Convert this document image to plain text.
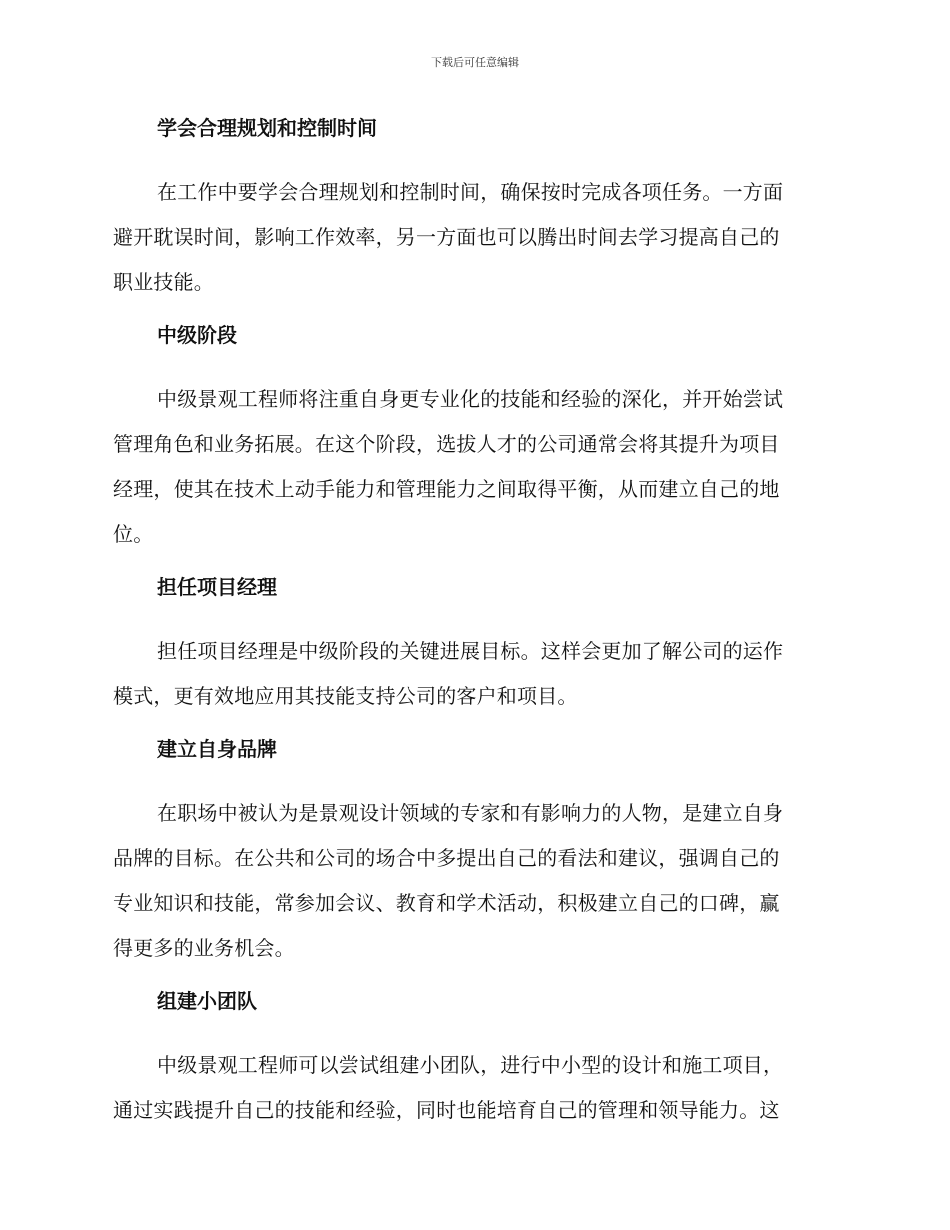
下载后可任意编辑
学会合理规划和控制时间
在工作中要学会合理规划和控制时间，确保按时完成各项任务。一方面
避开耽误时间，影响工作效率，另一方面也可以腾出时间去学习提高自己的
职业技能。
中级阶段
中级景观工程师将注重自身更专业化的技能和经验的深化，并开始尝试
管理角色和业务拓展。在这个阶段，选拔人才的公司通常会将其提升为项目
经理，使其在技术上动手能力和管理能力之间取得平衡，从而建立自己的地
位。
担任项目经理
担任项目经理是中级阶段的关键进展目标。这样会更加了解公司的运作
模式，更有效地应用其技能支持公司的客户和项目。
建立自身品牌
在职场中被认为是景观设计领域的专家和有影响力的人物，是建立自身
品牌的目标。在公共和公司的场合中多提出自己的看法和建议，强调自己的
专业知识和技能，常参加会议、教育和学术活动，积极建立自己的口碑，赢
得更多的业务机会。
组建小团队
中级景观工程师可以尝试组建小团队，进行中小型的设计和施工项目，
通过实践提升自己的技能和经验，同时也能培育自己的管理和领导能力。这
